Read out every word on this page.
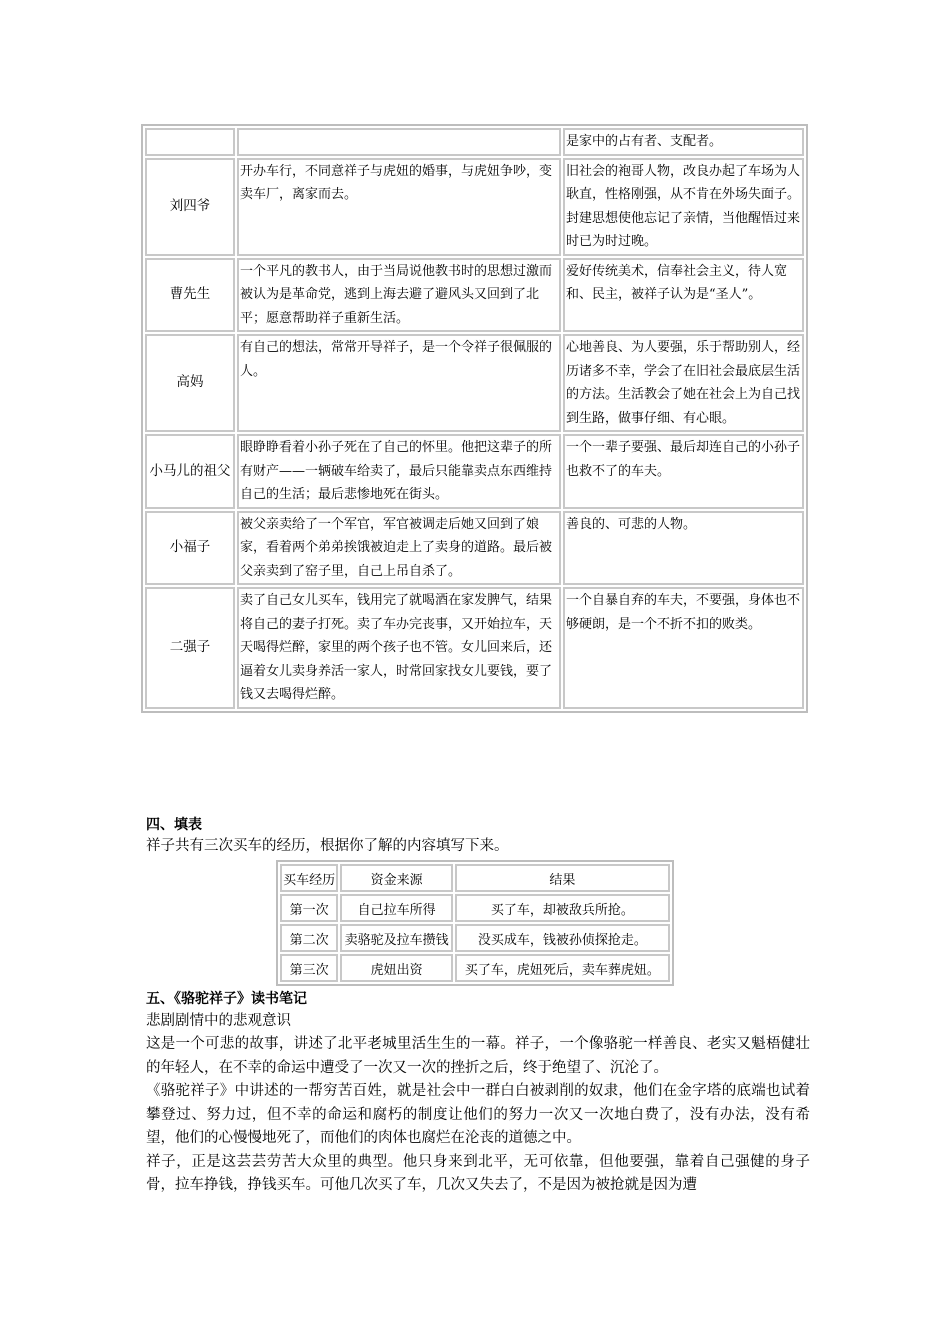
		是家中的占有者、支配者。
刘四爷	开办车行，不同意祥子与虎妞的婚事，与虎妞争吵，变卖车厂，离家而去。	旧社会的袍哥人物，改良办起了车场为人耿直，性格刚强，从不肯在外场失面子。封建思想使他忘记了亲情，当他醒悟过来时已为时过晚。
曹先生	一个平凡的教书人，由于当局说他教书时的思想过激而被认为是革命党，逃到上海去避了避风头又回到了北平；愿意帮助祥子重新生活。	爱好传统美术，信奉社会主义，待人宽和、民主，被祥子认为是“圣人”。
高妈	有自己的想法，常常开导祥子，是一个令祥子很佩服的人。	心地善良、为人要强，乐于帮助别人，经历诸多不幸，学会了在旧社会最底层生活的方法。生活教会了她在社会上为自己找到生路，做事仔细、有心眼。
小马儿的祖父	眼睁睁看着小孙子死在了自己的怀里。他把这辈子的所有财产——一辆破车给卖了，最后只能靠卖点东西维持自己的生活；最后悲惨地死在街头。	一个一辈子要强、最后却连自己的小孙子也救不了的车夫。
小福子	被父亲卖给了一个军官，军官被调走后她又回到了娘家，看着两个弟弟挨饿被迫走上了卖身的道路。最后被父亲卖到了窑子里，自己上吊自杀了。	善良的、可悲的人物。
二强子	卖了自己女儿买车，钱用完了就喝酒在家发脾气，结果将自己的妻子打死。卖了车办完丧事，又开始拉车，天天喝得烂醉，家里的两个孩子也不管。女儿回来后，还逼着女儿卖身养活一家人，时常回家找女儿要钱，要了钱又去喝得烂醉。	一个自暴自弃的车夫，不要强，身体也不够硬朗，是一个不折不扣的败类。
四、填表
祥子共有三次买车的经历，根据你了解的内容填写下来。
买车经历	资金来源	结果
第一次	自己拉车所得	买了车，却被敌兵所抢。
第二次	卖骆驼及拉车攒钱	没买成车，钱被孙侦探抢走。
第三次	虎妞出资	买了车，虎妞死后，卖车葬虎妞。
五、《骆驼祥子》读书笔记
悲剧剧情中的悲观意识
这是一个可悲的故事，讲述了北平老城里活生生的一幕。祥子，一个像骆驼一样善良、老实又魁梧健壮的年轻人，在不幸的命运中遭受了一次又一次的挫折之后，终于绝望了、沉沦了。
《骆驼祥子》中讲述的一帮穷苦百姓，就是社会中一群白白被剥削的奴隶，他们在金字塔的底端也试着攀登过、努力过，但不幸的命运和腐朽的制度让他们的努力一次又一次地白费了，没有办法，没有希望，他们的心慢慢地死了，而他们的肉体也腐烂在沦丧的道德之中。
祥子，正是这芸芸劳苦大众里的典型。他只身来到北平，无可依靠，但他要强，靠着自己强健的身子骨，拉车挣钱，挣钱买车。可他几次买了车，几次又失去了，不是因为被抢就是因为遭
